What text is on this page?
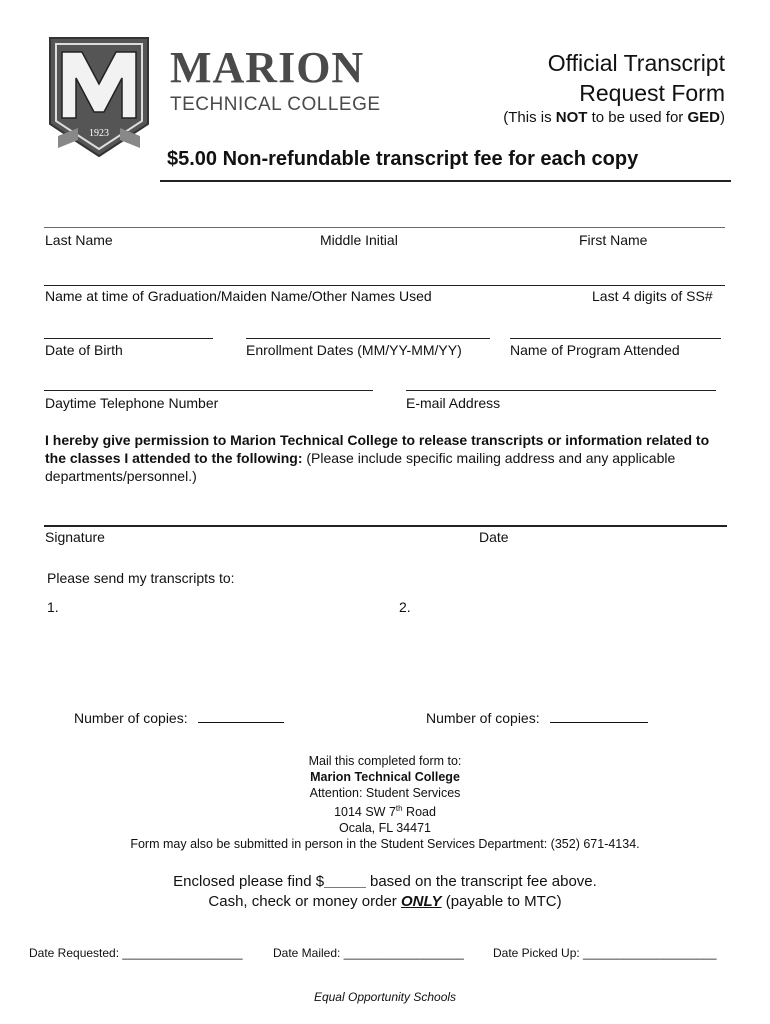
1923
MARION
TECHNICAL COLLEGE
Official Transcript
Request Form
(This is NOT to be used for GED)
$5.00 Non-refundable transcript fee for each copy
Last Name	Middle Initial	First Name
Name at time of Graduation/Maiden Name/Other Names Used	Last 4 digits of SS#
Date of Birth	Enrollment Dates (MM/YY-MM/YY)	Name of Program Attended
Daytime Telephone Number	E-mail Address
I hereby give permission to Marion Technical College to release transcripts or information related to the classes I attended to the following: (Please include specific mailing address and any applicable departments/personnel.)
Signature	Date
Please send my transcripts to:
1.	2.
Number of copies:	Number of copies:
Mail this completed form to:
Marion Technical College
Attention: Student Services
1014 SW 7th Road
Ocala, FL 34471
Form may also be submitted in person in the Student Services Department: (352) 671-4134.
Enclosed please find $_____ based on the transcript fee above.
Cash, check or money order ONLY (payable to MTC)
Date Requested: __________________	Date Mailed: __________________ Date Picked Up: ____________________
Equal Opportunity Schools
